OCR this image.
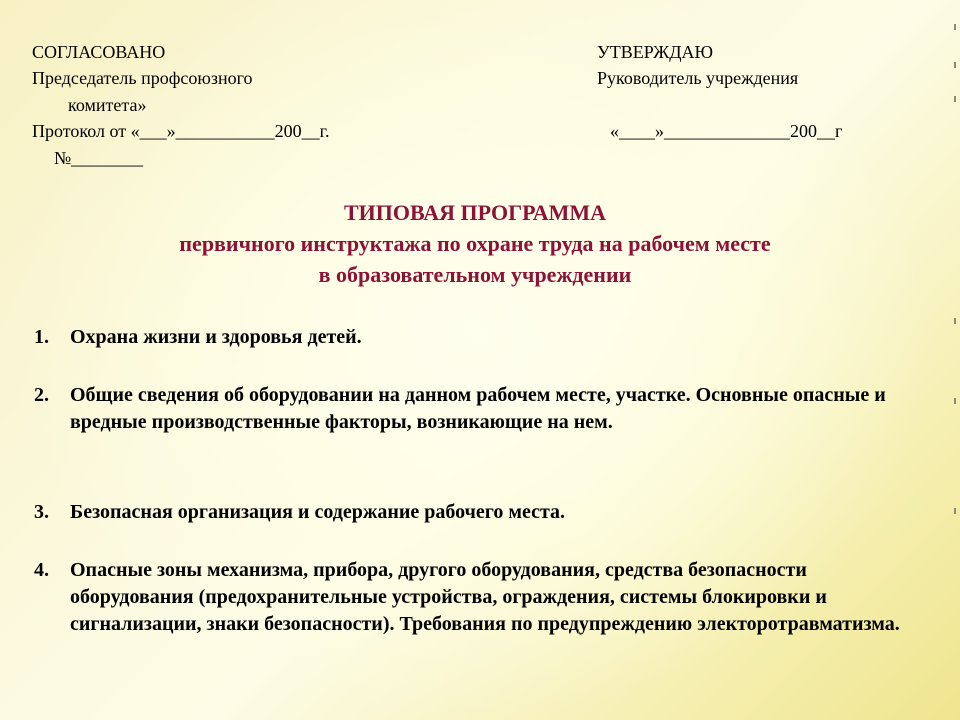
СОГЛАСОВАНО
Председатель профсоюзного
комитета»
Протокол от «___»___________200__г.
№________
УТВЕРЖДАЮ
Руководитель учреждения
«____»______________200__г
ТИПОВАЯ ПРОГРАММА
первичного инструктажа по охране труда на рабочем месте
в образовательном учреждении
1. Охрана жизни и здоровья детей.
2. Общие сведения об оборудовании на данном рабочем месте, участке. Основные опасные и вредные производственные факторы, возникающие на нем.
3. Безопасная организация и содержание рабочего места.
4. Опасные зоны механизма, прибора, другого оборудования, средства безопасности оборудования (предохранительные устройства, ограждения, системы блокировки и сигнализации, знаки безопасности). Требования по предупреждению электоротравматизма.
